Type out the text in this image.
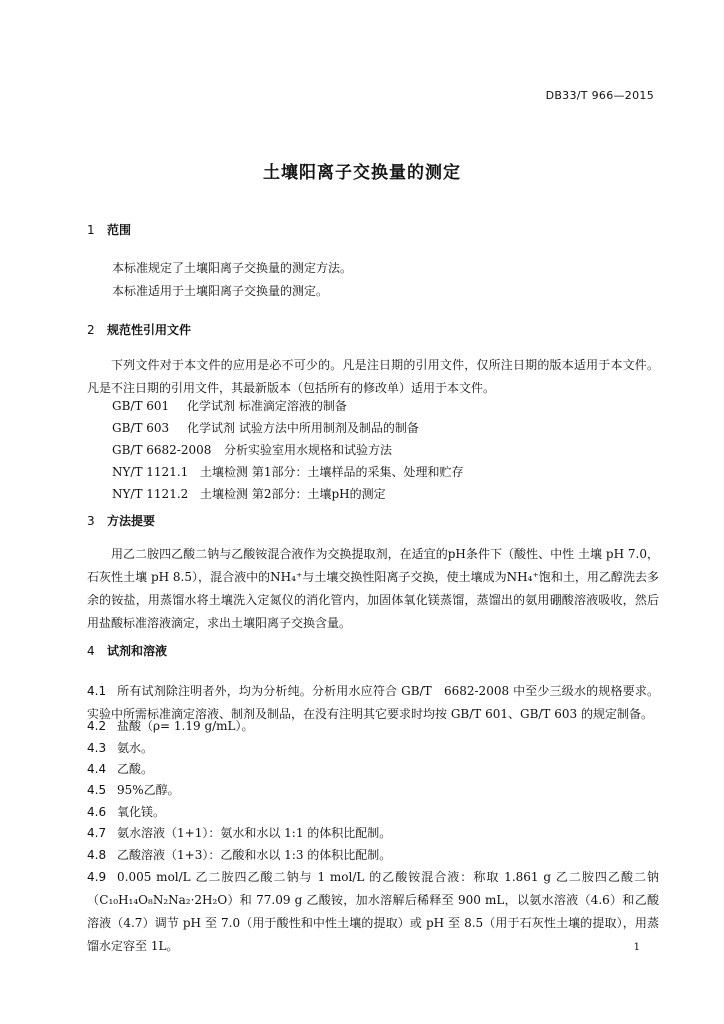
DB33/T 966—2015
土壤阳离子交换量的测定
1 范围
本标准规定了土壤阳离子交换量的测定方法。
本标准适用于土壤阳离子交换量的测定。
2 规范性引用文件
下列文件对于本文件的应用是必不可少的。凡是注日期的引用文件，仅所注日期的版本适用于本文件。凡是不注日期的引用文件，其最新版本（包括所有的修改单）适用于本文件。
GB/T 601 化学试剂 标准滴定溶液的制备
GB/T 603 化学试剂 试验方法中所用制剂及制品的制备
GB/T 6682-2008 分析实验室用水规格和试验方法
NY/T 1121.1 土壤检测 第1部分：土壤样品的采集、处理和贮存
NY/T 1121.2 土壤检测 第2部分：土壤pH的测定
3 方法提要
用乙二胺四乙酸二钠与乙酸铵混合液作为交换提取剂，在适宜的pH条件下（酸性、中性 土壤 pH 7.0，石灰性土壤 pH 8.5），混合液中的NH₄⁺与土壤交换性阳离子交换，使土壤成为NH₄⁺饱和土，用乙醇洗去多余的铵盐，用蒸馏水将土壤洗入定氮仪的消化管内，加固体氧化镁蒸馏，蒸馏出的氨用硼酸溶液吸收，然后用盐酸标准溶液滴定，求出土壤阳离子交换含量。
4 试剂和溶液
4.1 所有试剂除注明者外，均为分析纯。分析用水应符合 GB/T　6682-2008 中至少三级水的规格要求。实验中所需标准滴定溶液、制剂及制品，在没有注明其它要求时均按 GB/T 601、GB/T 603 的规定制备。
4.2 盐酸（ρ= 1.19 g/mL）。
4.3 氨水。
4.4 乙酸。
4.5 95%乙醇。
4.6 氧化镁。
4.7 氨水溶液（1+1）：氨水和水以 1:1 的体积比配制。
4.8 乙酸溶液（1+3）：乙酸和水以 1:3 的体积比配制。
4.9 0.005 mol/L 乙二胺四乙酸二钠与 1 mol/L 的乙酸铵混合液：称取 1.861 g 乙二胺四乙酸二钠（C₁₀H₁₄O₈N₂Na₂·2H₂O）和 77.09 g 乙酸铵，加水溶解后稀释至 900 mL，以氨水溶液（4.6）和乙酸溶液（4.7）调节 pH 至 7.0（用于酸性和中性土壤的提取）或 pH 至 8.5（用于石灰性土壤的提取），用蒸馏水定容至 1L。	1
